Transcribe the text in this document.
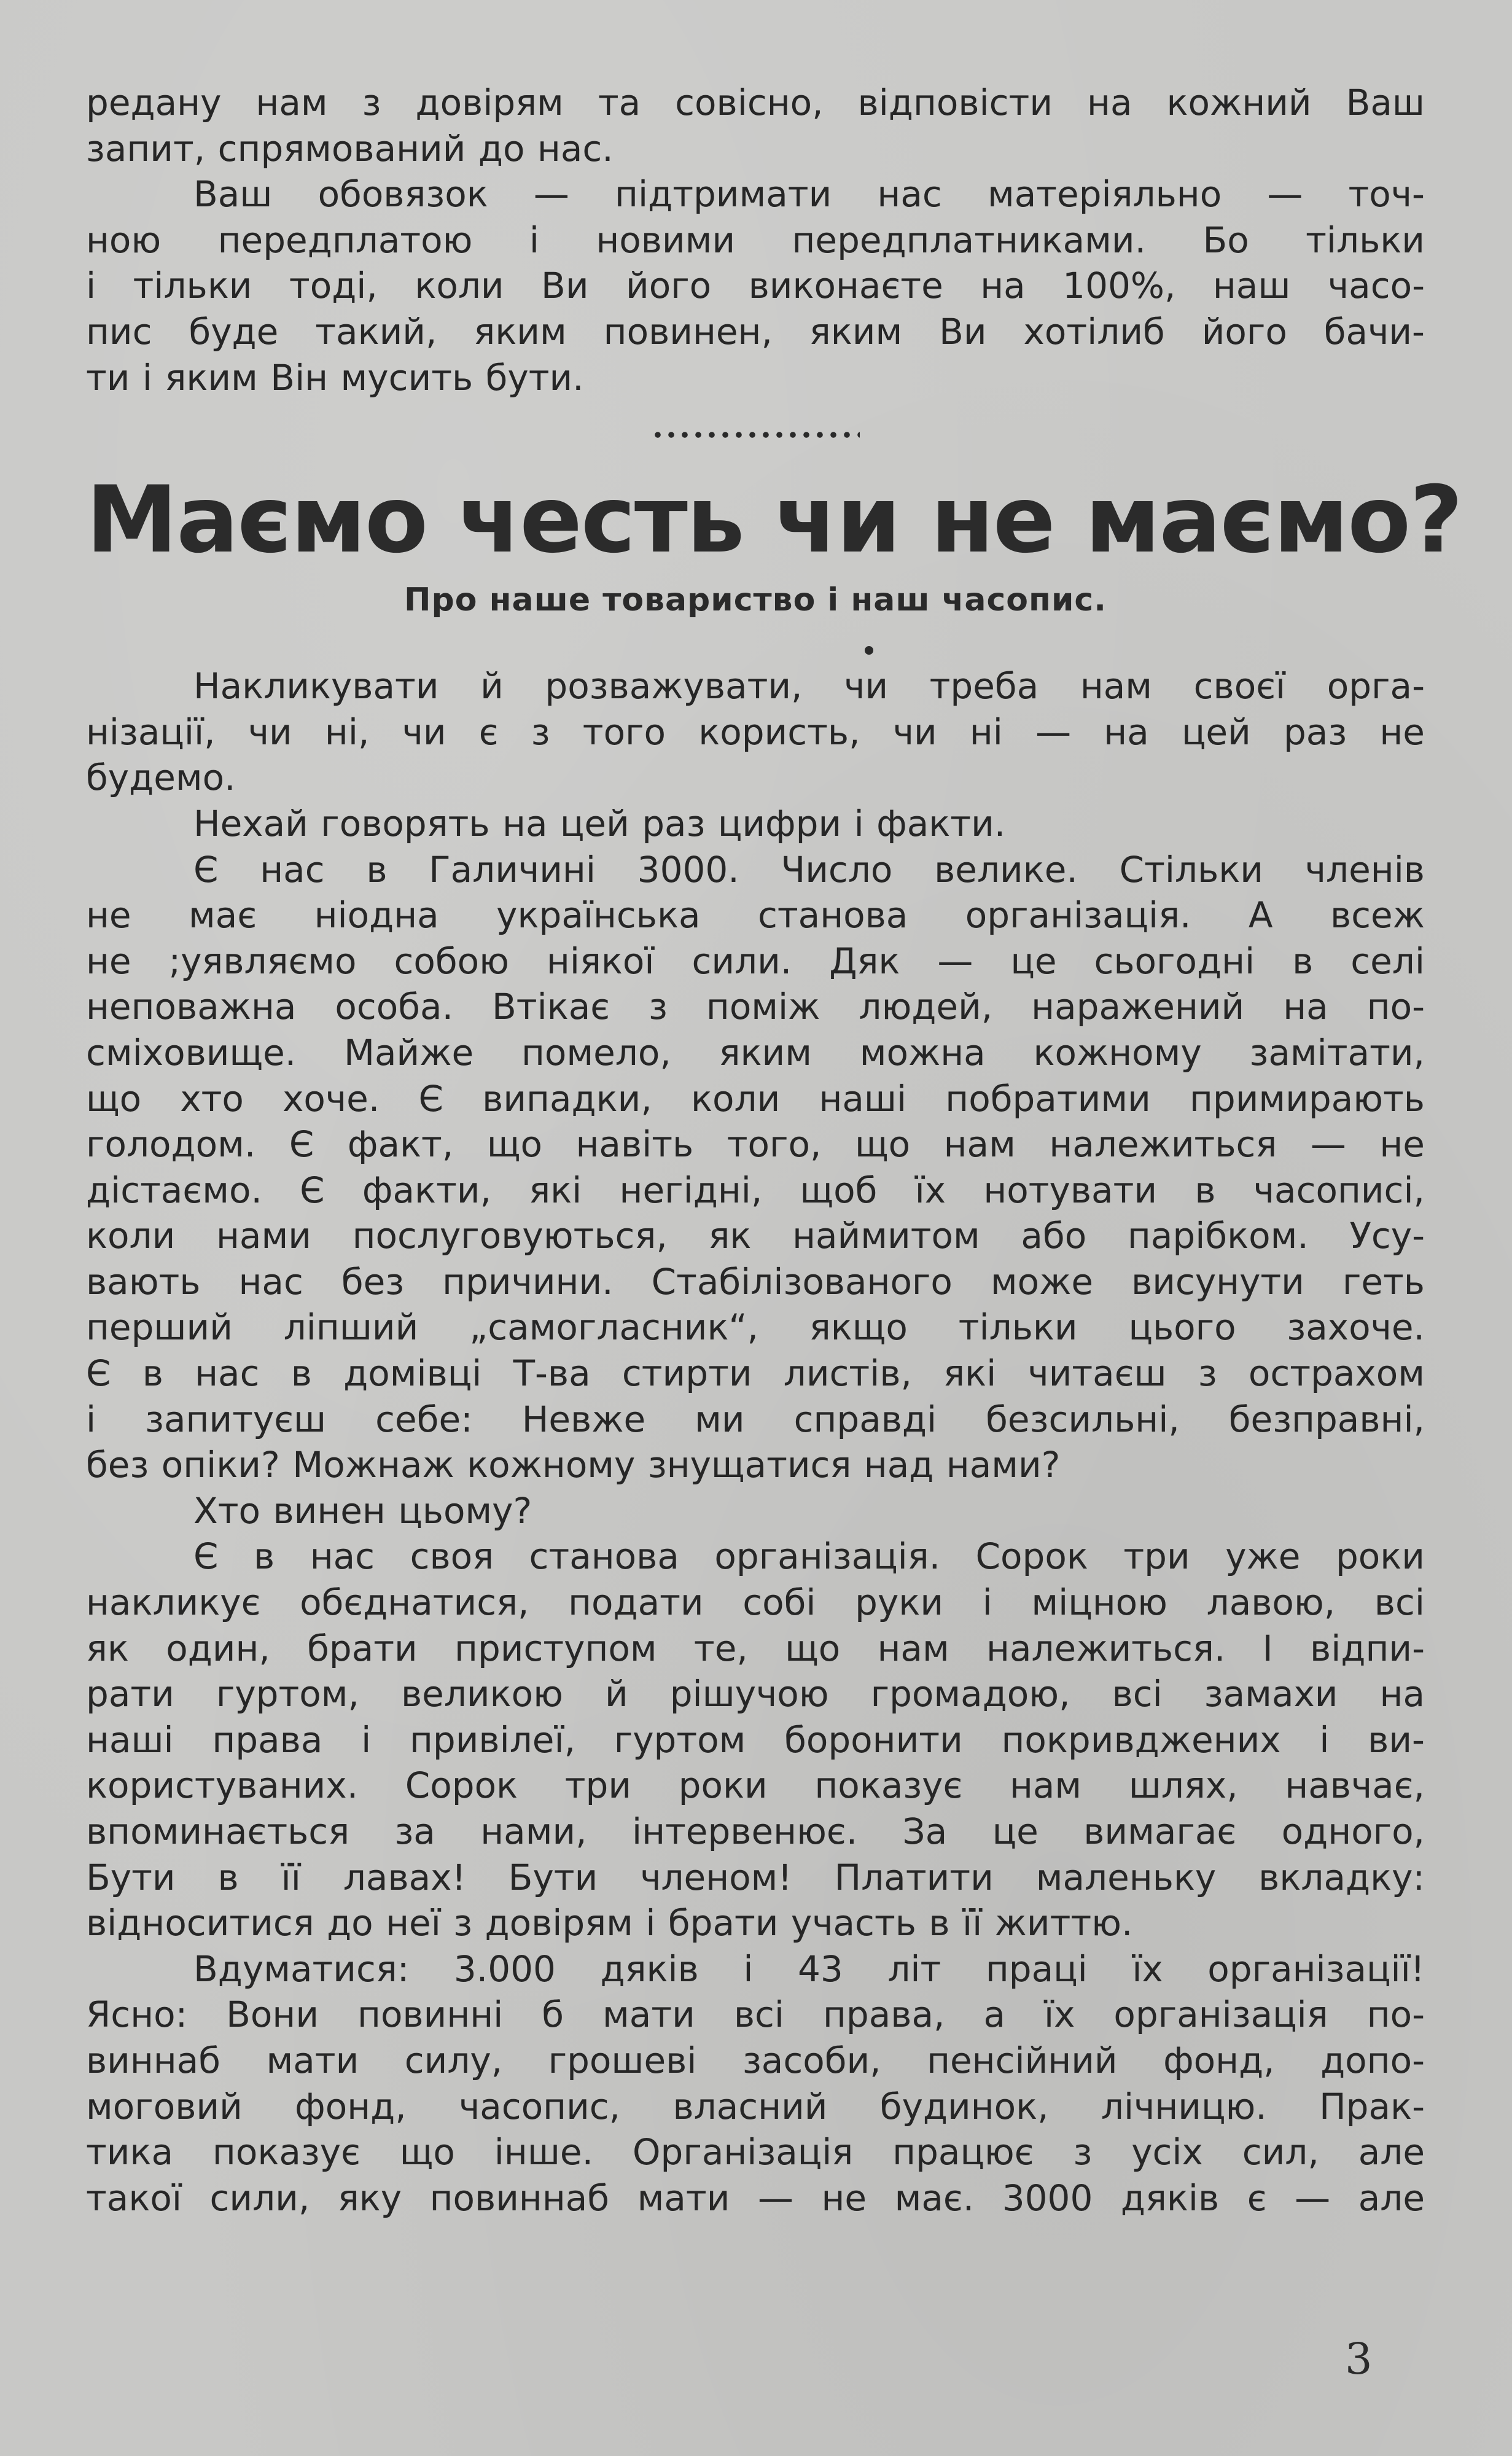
редану нам з довірям та совісно, відповісти на кожний Ваш

запит, спрямований до нас.

Ваш обовязок — підтримати нас матеріяльно — точ-

ною передплатою і новими передплатниками. Бо тільки

і тільки тоді, коли Ви його виконаєте на 100%, наш часо-

пис буде такий, яким повинен, яким Ви хотілиб його бачи-

ти і яким Він мусить бути.

Маємо честь чи не маємо?
Про наше товариство і наш часопис.

Накликувати й розважувати, чи треба нам своєї орга-

нізації, чи ні, чи є з того користь, чи ні — на цей раз не

будемо.

Нехай говорять на цей раз цифри і факти.

Є нас в Галичині 3000. Число велике. Стільки членів

не має ніодна українська станова організація. А всеж

не ;уявляємо собою ніякої сили. Дяк — це сьогодні в селі

неповажна особа. Втікає з поміж людей, наражений на по-

сміховище. Майже помело, яким можна кожному замітати,

що хто хоче. Є випадки, коли наші побратими примирають

голодом. Є факт, що навіть того, що нам належиться — не

дістаємо. Є факти, які негідні, щоб їх нотувати в часописі,

коли нами послуговуються, як наймитом або парібком. Усу-

вають нас без причини. Стабілізованого може висунути геть

перший ліпший „самогласник“, якщо тільки цього захоче.

Є в нас в домівці Т-ва стирти листів, які читаєш з острахом

і запитуєш себе: Невже ми справді безсильні, безправні,

без опіки? Можнаж кожному знущатися над нами?

Хто винен цьому?

Є в нас своя станова організація. Сорок три уже роки

накликує обєднатися, подати собі руки і міцною лавою, всі

як один, брати приступом те, що нам належиться. І відпи-

рати гуртом, великою й рішучою громадою, всі замахи на

наші права і привілеї, гуртом боронити покривджених і ви-

користуваних. Сорок три роки показує нам шлях, навчає,

впоминається за нами, інтервенює. За це вимагає одного,

Бути в її лавах! Бути членом! Платити маленьку вкладку:

відноситися до неї з довірям і брати участь в її життю.

Вдуматися: 3.000 дяків і 43 літ праці їх організації!

Ясно: Вони повинні б мати всі права, а їх організація по-

виннаб мати силу, грошеві засоби, пенсійний фонд, допо-

моговий фонд, часопис, власний будинок, лічницю. Прак-

тика показує що інше. Організація працює з усіх сил, але

такої сили, яку повиннаб мати — не має. 3000 дяків є — але

3
